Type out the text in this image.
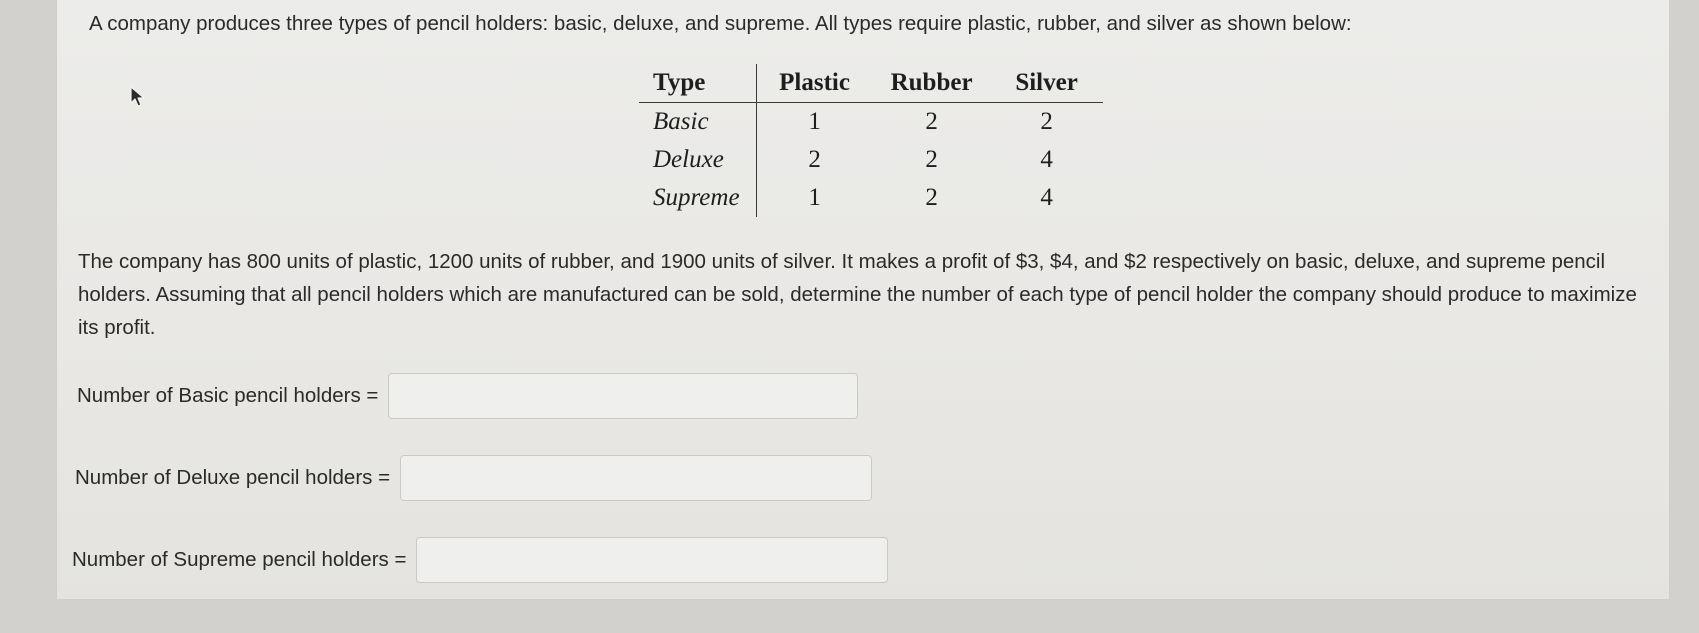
A company produces three types of pencil holders: basic, deluxe, and supreme. All types require plastic, rubber, and silver as shown below:

Type	Plastic	Rubber	Silver
Basic	1	2	2
Deluxe	2	2	4
Supreme	1	2	4

The company has 800 units of plastic, 1200 units of rubber, and 1900 units of silver. It makes a profit of $3, $4, and $2 respectively on basic, deluxe, and supreme pencil holders. Assuming that all pencil holders which are manufactured can be sold, determine the number of each type of pencil holder the company should produce to maximize its profit.

Number of Basic pencil holders =
Number of Deluxe pencil holders =
Number of Supreme pencil holders =
